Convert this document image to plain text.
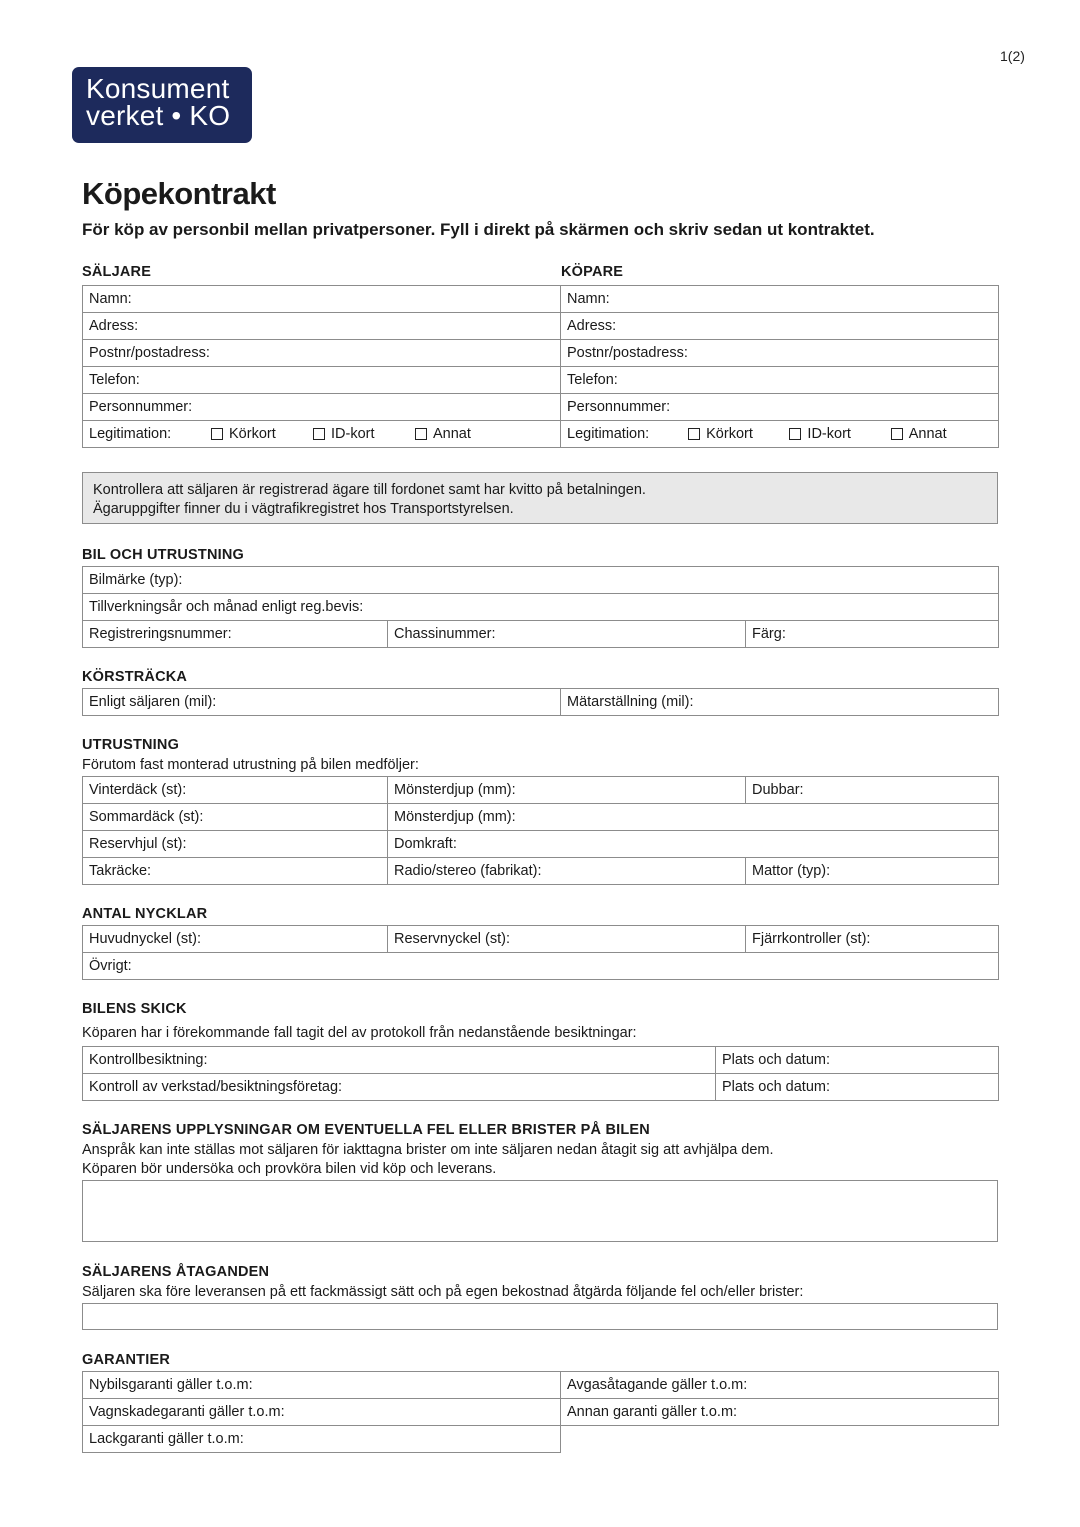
1(2)
Konsument
verket • KO
Köpekontrakt
För köp av personbil mellan privatpersoner. Fyll i direkt på skärmen och skriv sedan ut kontraktet.
SÄLJARE	KÖPARE
Namn:	Namn:
Adress:	Adress:
Postnr/postadress:	Postnr/postadress:
Telefon:	Telefon:
Personnummer:	Personnummer:

Legitimation: Körkort ID-kort Annat	Legitimation: Körkort ID-kort Annat
Kontrollera att säljaren är registrerad ägare till fordonet samt har kvitto på betalningen.
Ägaruppgifter finner du i vägtrafikregistret hos Transportstyrelsen.
BIL OCH UTRUSTNING
Bilmärke (typ):
Tillverkningsår och månad enligt reg.bevis:
Registreringsnummer:	Chassinummer:	Färg:
KÖRSTRÄCKA
Enligt säljaren (mil):	Mätarställning (mil):
UTRUSTNING
Förutom fast monterad utrustning på bilen medföljer:
Vinterdäck (st):	Mönsterdjup (mm):	Dubbar:
Sommardäck (st):	Mönsterdjup (mm):	
Reservhjul (st):	Domkraft:	
Takräcke:	Radio/stereo (fabrikat):	Mattor (typ):
ANTAL NYCKLAR
Huvudnyckel (st):	Reservnyckel (st):	Fjärrkontroller (st):
Övrigt:
BILENS SKICK
Köparen har i förekommande fall tagit del av protokoll från nedanstående besiktningar:
Kontrollbesiktning:	Plats och datum:
Kontroll av verkstad/besiktningsföretag:	Plats och datum:
SÄLJARENS UPPLYSNINGAR OM EVENTUELLA FEL ELLER BRISTER PÅ BILEN
Anspråk kan inte ställas mot säljaren för iakttagna brister om inte säljaren nedan åtagit sig att avhjälpa dem.
Köparen bör undersöka och provköra bilen vid köp och leverans.
SÄLJARENS ÅTAGANDEN
Säljaren ska före leveransen på ett fackmässigt sätt och på egen bekostnad åtgärda följande fel och/eller brister:
GARANTIER
Nybilsgaranti gäller t.o.m:	Avgasåtagande gäller t.o.m:
Vagnskadegaranti gäller t.o.m:	Annan garanti gäller t.o.m:
Lackgaranti gäller t.o.m:	
